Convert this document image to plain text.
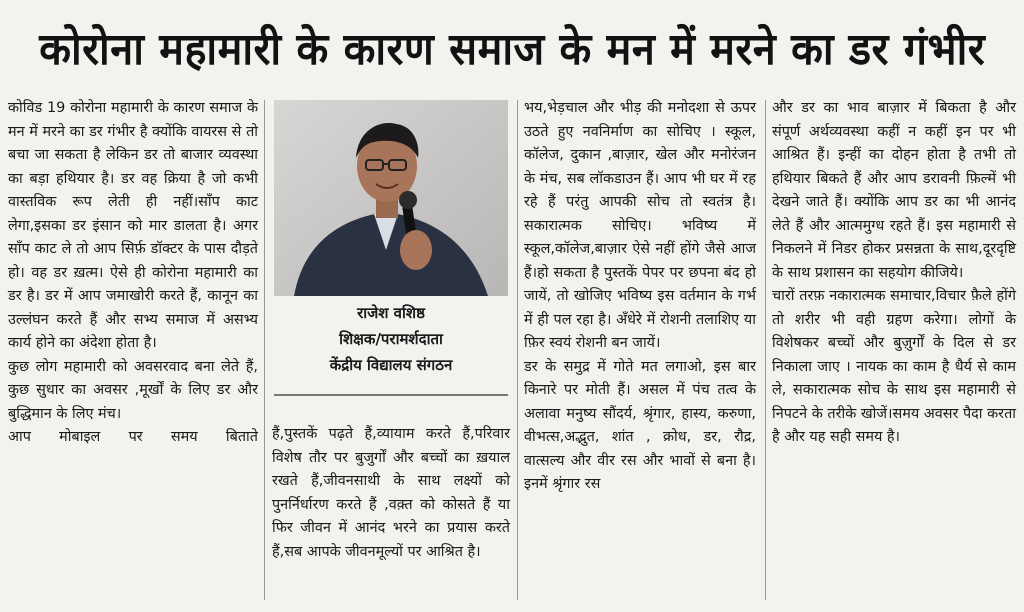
कोरोना महामारी के कारण समाज के मन में मरने का डर गंभीर

कोविड 19 कोरोना महामारी के कारण समाज के मन में मरने का डर गंभीर है क्योंकि वायरस से तो बचा जा सकता है लेकिन डर तो बाजार व्यवस्था का बड़ा हथियार है। डर वह क्रिया है जो कभी वास्तविक रूप लेती ही नहीं।साँप काट लेगा,इसका डर इंसान को मार डालता है। अगर साँप काट ले तो आप सिर्फ़ डॉक्टर के पास दौड़ते हो। वह डर ख़त्म। ऐसे ही कोरोना महामारी का डर है। डर में आप जमाखोरी करते हैं, कानून का उल्लंघन करते हैं और सभ्य समाज में असभ्य कार्य होने का अंदेशा होता है।

कुछ लोग महामारी को अवसरवाद बना लेते हैं, कुछ सुधार का अवसर ,मूर्खों के लिए डर और बुद्धिमान के लिए मंच।

आप मोबाइल पर समय बिताते

राजेश वशिष्ठ
शिक्षक/परामर्शदाता
केंद्रीय विद्यालय संगठन

हैं,पुस्तकें पढ़ते हैं,व्यायाम करते हैं,परिवार विशेष तौर पर बुजुर्गों और बच्चों का ख़याल रखते हैं,जीवनसाथी के साथ लक्ष्यों को पुनर्निर्धारण करते हैं ,वक़्त को कोसते हैं या फिर जीवन में आनंद भरने का प्रयास करते हैं,सब आपके जीवनमूल्यों पर आश्रित है।

भय,भेड़चाल और भीड़ की मनोदशा से ऊपर उठते हुए नवनिर्माण का सोचिए । स्कूल, कॉलेज, दुकान ,बाज़ार, खेल और मनोरंजन के मंच, सब लॉकडाउन हैं। आप भी घर में रह रहे हैं परंतु आपकी सोच तो स्वतंत्र है। सकारात्मक सोचिए। भविष्य में स्कूल,कॉलेज,बाज़ार ऐसे नहीं होंगे जैसे आज हैं।हो सकता है पुस्तकें पेपर पर छपना बंद हो जायें, तो खोजिए भविष्य इस वर्तमान के गर्भ में ही पल रहा है। अँधेरे में रोशनी तलाशिए या फ़िर स्वयं रोशनी बन जायें।

डर के समुद्र में गोते मत लगाओ, इस बार किनारे पर मोती हैं। असल में पंच तत्व के अलावा मनुष्य सौंदर्य, श्रृंगार, हास्य, करुणा, वीभत्स,अद्भुत, शांत , क्रोध, डर, रौद्र, वात्सल्य और वीर रस और भावों से बना है। इनमें श्रृंगार रस

और डर का भाव बाज़ार में बिकता है और संपूर्ण अर्थव्यवस्था कहीं न कहीं इन पर भी आश्रित हैं। इन्हीं का दोहन होता है तभी तो हथियार बिकते हैं और आप डरावनी फ़िल्में भी देखने जाते हैं। क्योंकि आप डर का भी आनंद लेते हैं और आत्ममुग्ध रहते हैं। इस महामारी से निकलने में निडर होकर प्रसन्नता के साथ,दूरदृष्टि के साथ प्रशासन का सहयोग कीजिये।

चारों तरफ़ नकारात्मक समाचार,विचार फ़ैले होंगे तो शरीर भी वही ग्रहण करेगा। लोगों के विशेषकर बच्चों और बुज़ुर्गों के दिल से डर निकाला जाए । नायक का काम है धैर्य से काम ले, सकारात्मक सोच के साथ इस महामारी से निपटने के तरीके खोजें।समय अवसर पैदा करता है और यह सही समय है।
